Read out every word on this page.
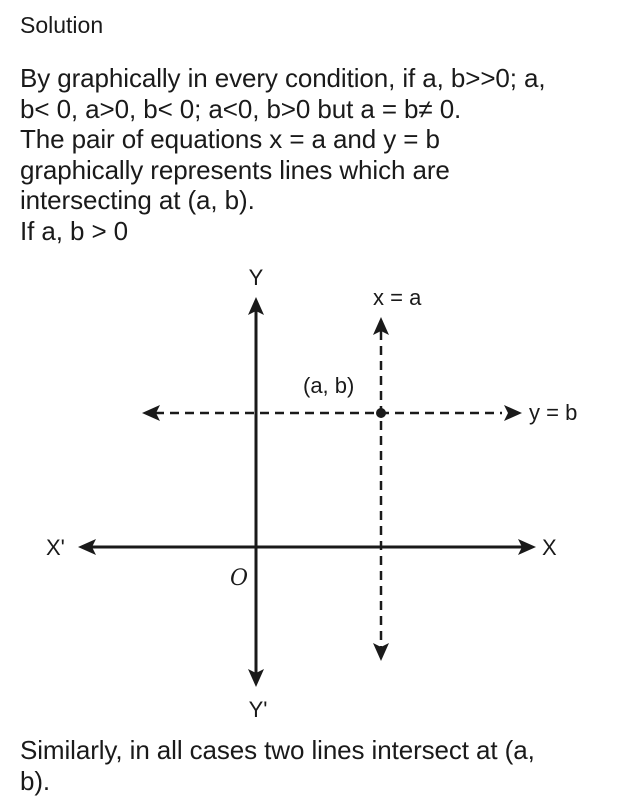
Solution
By graphically in every condition, if a, b>>0; a,
b< 0, a>0, b< 0; a<0, b>0 but a = b≠ 0.
The pair of equations x = a and y = b
graphically represents lines which are
intersecting at (a, b).
If a, b > 0
Y
Y'
X
X'
O
x = a
y = b
(a, b)
Similarly, in all cases two lines intersect at (a,
b).
